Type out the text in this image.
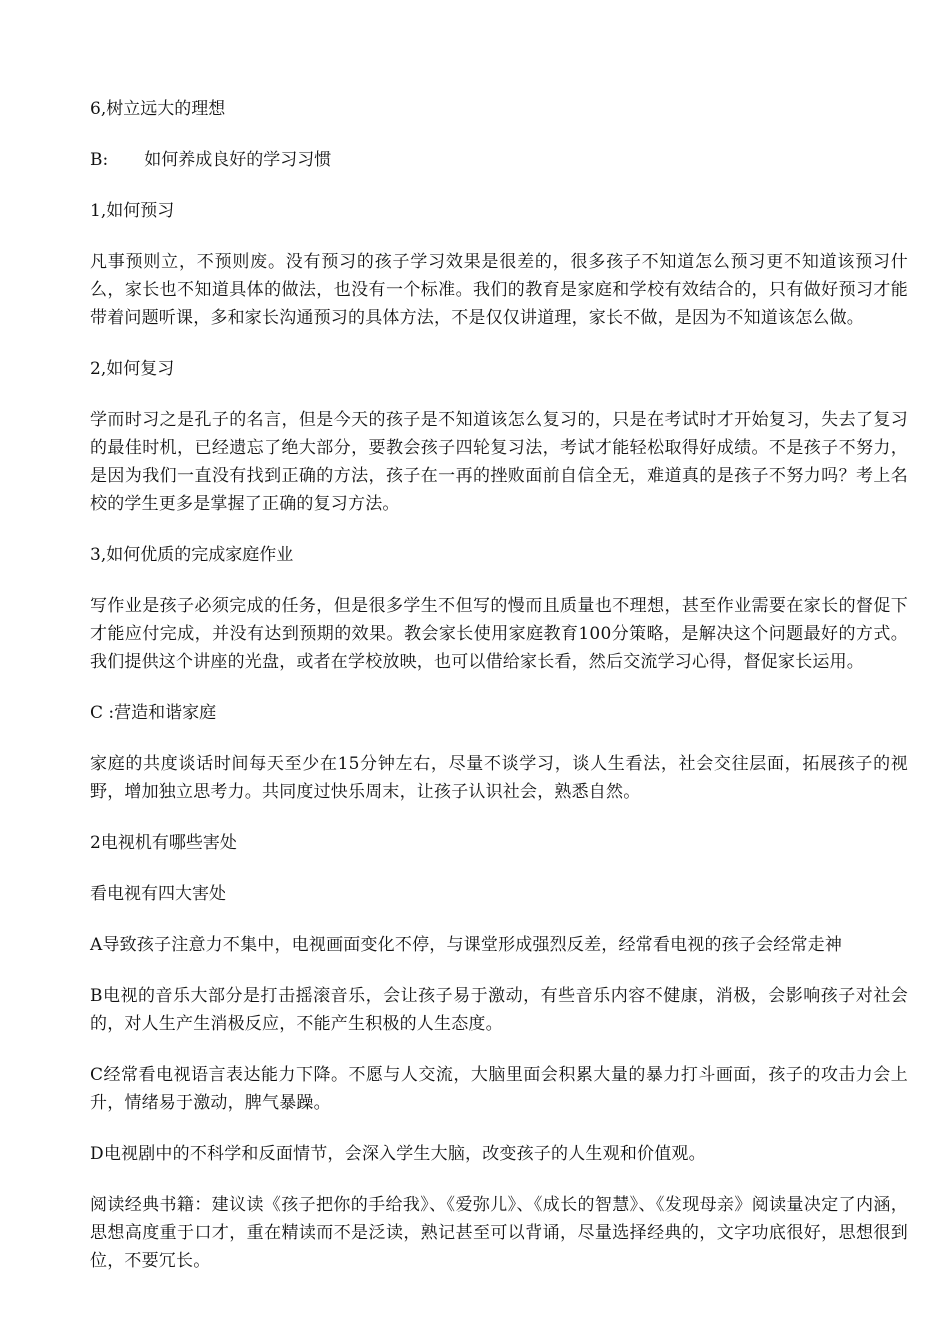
6,树立远大的理想
B: 如何养成良好的学习习惯
1,如何预习
凡事预则立，不预则废。没有预习的孩子学习效果是很差的，很多孩子不知道怎么预习更不知道该预习什么，家长也不知道具体的做法，也没有一个标准。我们的教育是家庭和学校有效结合的，只有做好预习才能带着问题听课，多和家长沟通预习的具体方法，不是仅仅讲道理，家长不做，是因为不知道该怎么做。
2,如何复习
学而时习之是孔子的名言，但是今天的孩子是不知道该怎么复习的，只是在考试时才开始复习，失去了复习的最佳时机，已经遗忘了绝大部分，要教会孩子四轮复习法，考试才能轻松取得好成绩。不是孩子不努力，是因为我们一直没有找到正确的方法，孩子在一再的挫败面前自信全无，难道真的是孩子不努力吗？考上名校的学生更多是掌握了正确的复习方法。
3,如何优质的完成家庭作业
写作业是孩子必须完成的任务，但是很多学生不但写的慢而且质量也不理想，甚至作业需要在家长的督促下才能应付完成，并没有达到预期的效果。教会家长使用家庭教育100分策略，是解决这个问题最好的方式。我们提供这个讲座的光盘，或者在学校放映，也可以借给家长看，然后交流学习心得，督促家长运用。
C :营造和谐家庭
家庭的共度谈话时间每天至少在15分钟左右，尽量不谈学习，谈人生看法，社会交往层面，拓展孩子的视野，增加独立思考力。共同度过快乐周末，让孩子认识社会，熟悉自然。
2电视机有哪些害处
看电视有四大害处
A导致孩子注意力不集中，电视画面变化不停，与课堂形成强烈反差，经常看电视的孩子会经常走神
B电视的音乐大部分是打击摇滚音乐，会让孩子易于激动，有些音乐内容不健康，消极，会影响孩子对社会的，对人生产生消极反应，不能产生积极的人生态度。
C经常看电视语言表达能力下降。不愿与人交流，大脑里面会积累大量的暴力打斗画面，孩子的攻击力会上升，情绪易于激动，脾气暴躁。
D电视剧中的不科学和反面情节，会深入学生大脑，改变孩子的人生观和价值观。
阅读经典书籍：建议读《孩子把你的手给我》、《爱弥儿》、《成长的智慧》、《发现母亲》阅读量决定了内涵，思想高度重于口才，重在精读而不是泛读，熟记甚至可以背诵，尽量选择经典的，文字功底很好，思想很到位，不要冗长。
